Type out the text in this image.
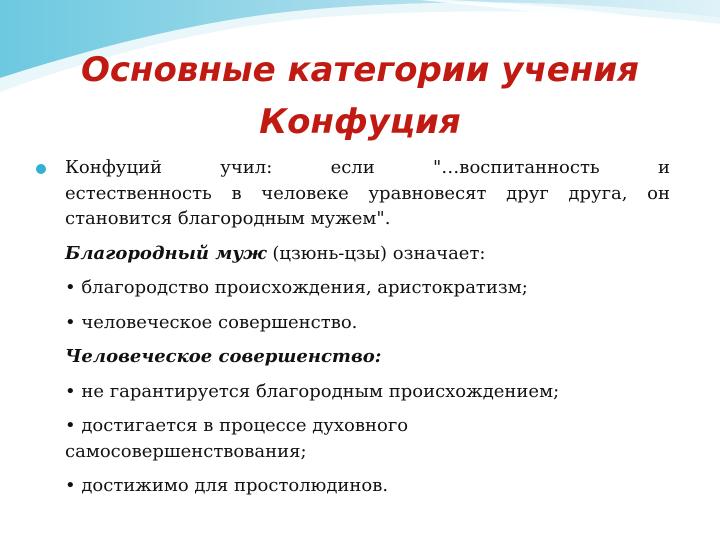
Основные категории учения
Конфуция
Конфуций учил: если "…воспитанность и
естественность в человеке уравновесят друг друга, он
становится благородным мужем".
Благородный муж (цзюнь-цзы) означает:
• благородство происхождения, аристократизм;
• человеческое совершенство.
Человеческое совершенство:
• не гарантируется благородным происхождением;
• достигается в процессе духовного
самосовершенствования;
• достижимо для простолюдинов.
